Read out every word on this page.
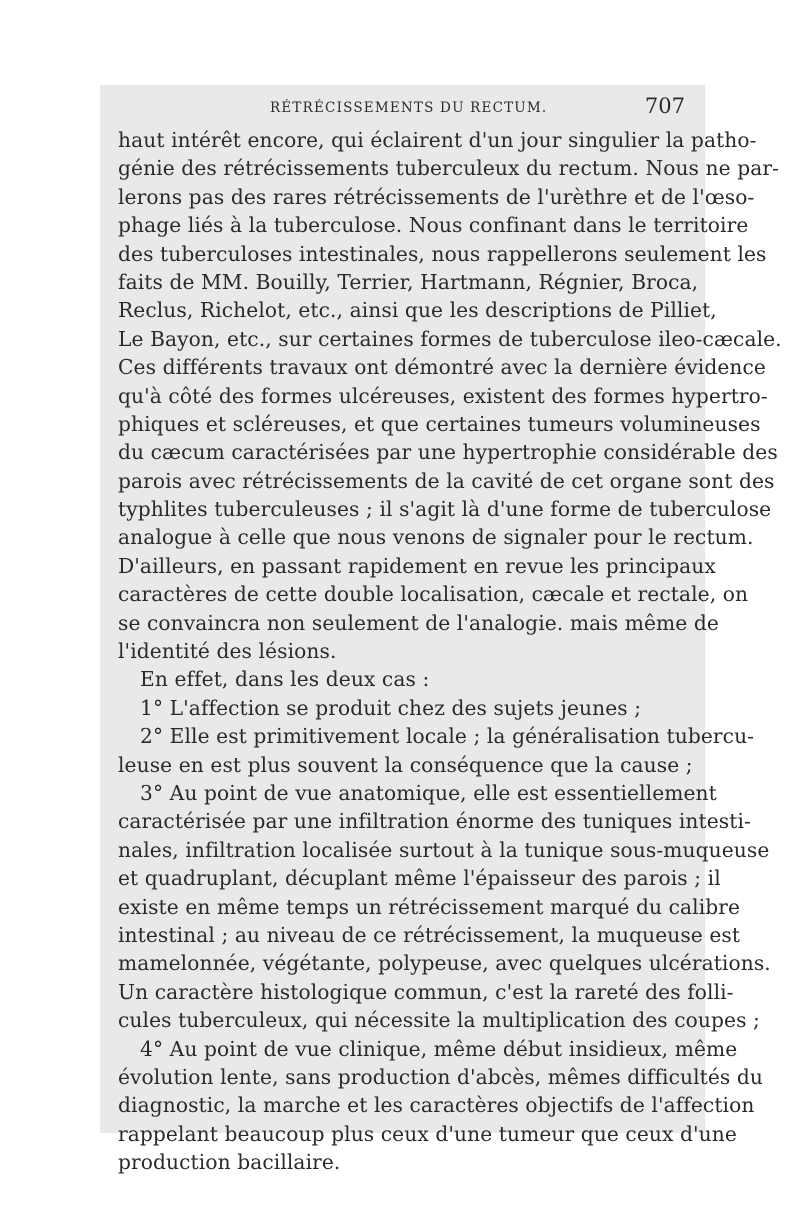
RÉTRÉCISSEMENTS DU RECTUM.	707
haut intérêt encore, qui éclairent d'un jour singulier la patho-
génie des rétrécissements tuberculeux du rectum. Nous ne par-
lerons pas des rares rétrécissements de l'urèthre et de l'œso-
phage liés à la tuberculose. Nous confinant dans le territoire
des tuberculoses intestinales, nous rappellerons seulement les
faits de MM. Bouilly, Terrier, Hartmann, Régnier, Broca,
Reclus, Richelot, etc., ainsi que les descriptions de Pilliet,
Le Bayon, etc., sur certaines formes de tuberculose ileo-cæcale.
Ces différents travaux ont démontré avec la dernière évidence
qu'à côté des formes ulcéreuses, existent des formes hypertro-
phiques et scléreuses, et que certaines tumeurs volumineuses
du cæcum caractérisées par une hypertrophie considérable des
parois avec rétrécissements de la cavité de cet organe sont des
typhlites tuberculeuses ; il s'agit là d'une forme de tuberculose
analogue à celle que nous venons de signaler pour le rectum.
D'ailleurs, en passant rapidement en revue les principaux
caractères de cette double localisation, cæcale et rectale, on
se convaincra non seulement de l'analogie. mais même de
l'identité des lésions.
En effet, dans les deux cas :
1° L'affection se produit chez des sujets jeunes ;
2° Elle est primitivement locale ; la généralisation tubercu-
leuse en est plus souvent la conséquence que la cause ;
3° Au point de vue anatomique, elle est essentiellement
caractérisée par une infiltration énorme des tuniques intesti-
nales, infiltration localisée surtout à la tunique sous-muqueuse
et quadruplant, décuplant même l'épaisseur des parois ; il
existe en même temps un rétrécissement marqué du calibre
intestinal ; au niveau de ce rétrécissement, la muqueuse est
mamelonnée, végétante, polypeuse, avec quelques ulcérations.
Un caractère histologique commun, c'est la rareté des folli-
cules tuberculeux, qui nécessite la multiplication des coupes ;
4° Au point de vue clinique, même début insidieux, même
évolution lente, sans production d'abcès, mêmes difficultés du
diagnostic, la marche et les caractères objectifs de l'affection
rappelant beaucoup plus ceux d'une tumeur que ceux d'une
production bacillaire.
